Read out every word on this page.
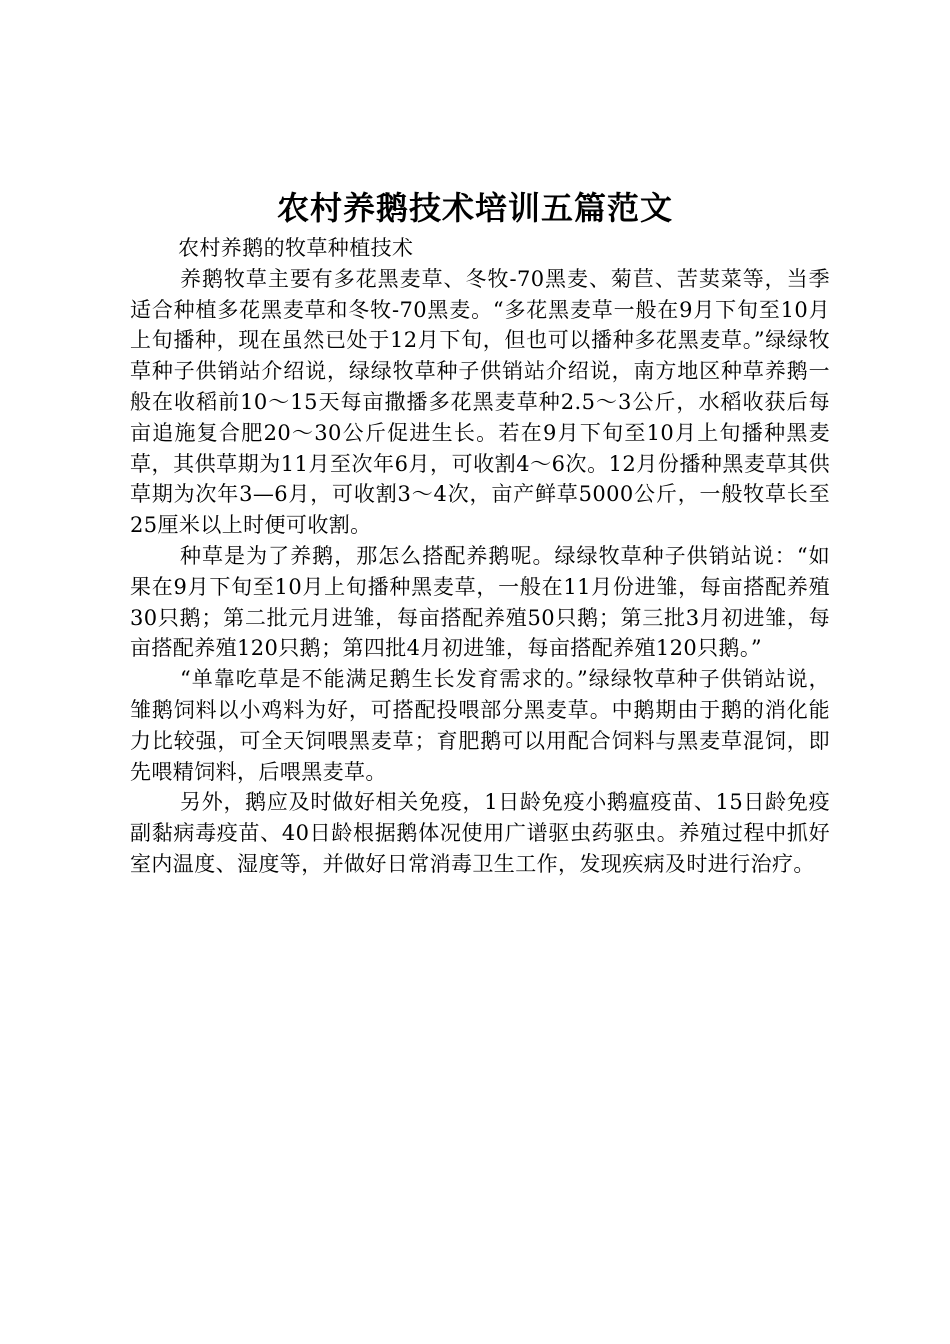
农村养鹅技术培训五篇范文

农村养鹅的牧草种植技术

养鹅牧草主要有多花黑麦草、冬牧-70黑麦、菊苣、苦荬菜等，当季适合种植多花黑麦草和冬牧-70黑麦。“多花黑麦草一般在9月下旬至10月上旬播种，现在虽然已处于12月下旬，但也可以播种多花黑麦草。”绿绿牧草种子供销站介绍说，绿绿牧草种子供销站介绍说，南方地区种草养鹅一般在收稻前10～15天每亩撒播多花黑麦草种2.5～3公斤，水稻收获后每亩追施复合肥20～30公斤促进生长。若在9月下旬至10月上旬播种黑麦草，其供草期为11月至次年6月，可收割4～6次。12月份播种黑麦草其供草期为次年3—6月，可收割3～4次，亩产鲜草5000公斤，一般牧草长至25厘米以上时便可收割。

种草是为了养鹅，那怎么搭配养鹅呢。绿绿牧草种子供销站说：“如果在9月下旬至10月上旬播种黑麦草，一般在11月份进雏，每亩搭配养殖30只鹅；第二批元月进雏，每亩搭配养殖50只鹅；第三批3月初进雏，每亩搭配养殖120只鹅；第四批4月初进雏，每亩搭配养殖120只鹅。”

“单靠吃草是不能满足鹅生长发育需求的。”绿绿牧草种子供销站说，雏鹅饲料以小鸡料为好，可搭配投喂部分黑麦草。中鹅期由于鹅的消化能力比较强，可全天饲喂黑麦草；育肥鹅可以用配合饲料与黑麦草混饲，即先喂精饲料，后喂黑麦草。

另外，鹅应及时做好相关免疫，1日龄免疫小鹅瘟疫苗、15日龄免疫副黏病毒疫苗、40日龄根据鹅体况使用广谱驱虫药驱虫。养殖过程中抓好室内温度、湿度等，并做好日常消毒卫生工作，发现疾病及时进行治疗。
